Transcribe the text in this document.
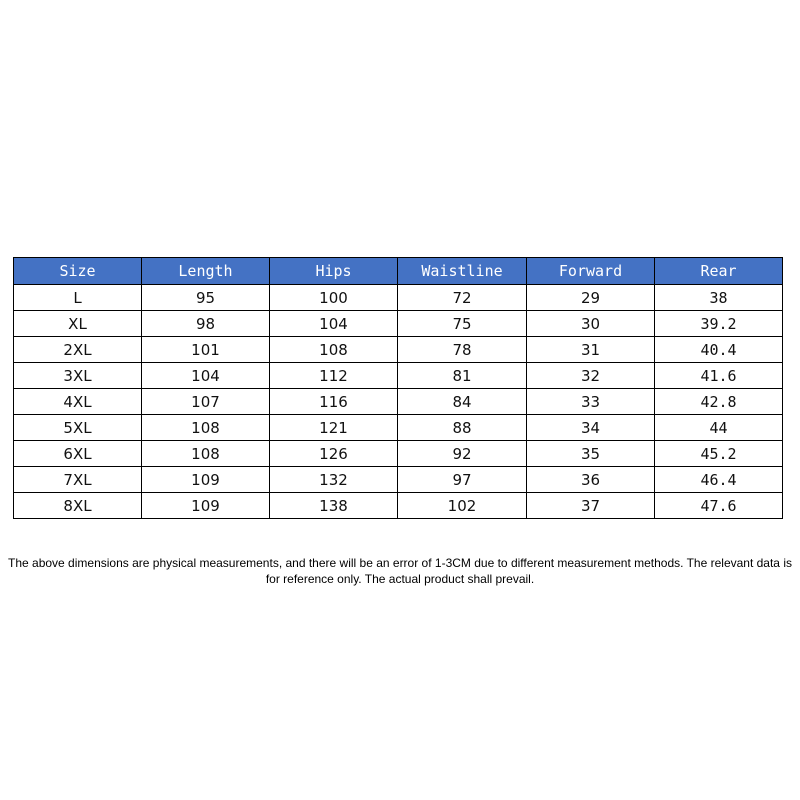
Size	Length	Hips	Waistline	Forward	Rear
L	95	100	72	29	38
XL	98	104	75	30	39.2
2XL	101	108	78	31	40.4
3XL	104	112	81	32	41.6
4XL	107	116	84	33	42.8
5XL	108	121	88	34	44
6XL	108	126	92	35	45.2
7XL	109	132	97	36	46.4
8XL	109	138	102	37	47.6
The above dimensions are physical measurements, and there will be an error of 1-3CM due to different measurement methods. The relevant data is
for reference only. The actual product shall prevail.
